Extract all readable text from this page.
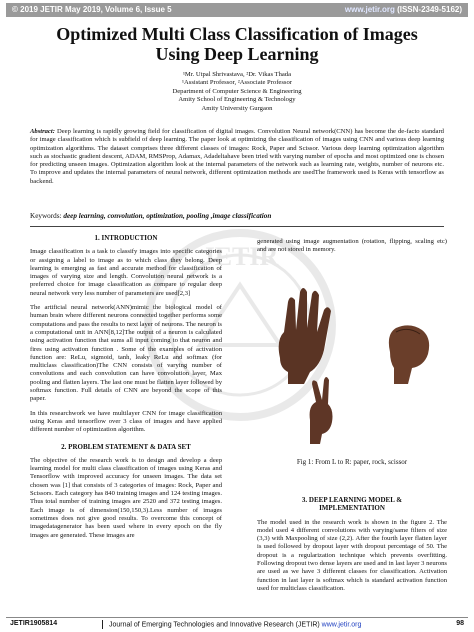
© 2019 JETIR May 2019, Volume 6, Issue 5	www.jetir.org (ISSN-2349-5162)
Optimized Multi Class Classification of Images
Using Deep Learning
¹Mr. Utpal Shrivastava, ²Dr. Vikas Thada
¹Assistant Professor, ²Associate Professor
Department of Computer Science & Engineering
Amity School of Engineering & Technology
Amity University Gurgaon
Abstract: Deep learning is rapidly growing field for classification of digital images. Convolution Neural network(CNN) has become the de-facto standard for image classification which is subfield of deep learning. The paper look at optimizing the classification of images using CNN and various deep learning optimization algorithms. The dataset comprises three different classes of images: Rock, Paper and Scissor. Various deep learning optimization algorithm such as stochastic gradient descent, ADAM, RMSProp, Adamax, Adadeltahave been tried with varying number of epochs and most optimized one is chosen for predicting unseen images. Optimization algorithm look at the internal parameters of the network such as learning rate, weights, number of neurons etc. To improve and updates the internal parameters of neural network, different optimization methods are usedThe framework used is Keras with tensorflow as backend.
Keywords: deep learning, convolution, optimization, pooling ,image classification
JETIR
1. INTRODUCTION

Image classification is a task to classify images into specific categories or assigning a label to image as to which class they belong. Deep learning is emerging as fast and accurate method for classification of images of varying size and length. Convolution neural network is a preferred choice for image classification as compare to regular deep neural network very less number of parameters are used[2,3]

The artificial neural network(ANN)mimic the biological model of human brain where different neurons connected together performs some computations and pass the results to next layer of neurons. The neuron is a computational unit in ANN[8,12]The output of a neuron is calculated using activation function that sums all input coming to that neuron and fires using activation function . Some of the examples of activation function are: ReLu, sigmoid, tanh, leaky ReLu and softmax (for multiclass classification)The CNN consists of varying number of convolutions and each convolution can have convolution layer, Max pooling and flatten layers. The last one must be flatten layer followed by softmax function. Full details of CNN are beyond the scope of this paper.

In this researchwork we have multilayer CNN for image classification using Keras and tensorflow over 3 class of images and have applied different number of optimization algorithm.

2. PROBLEM STATEMENT & DATA SET

The objective of the research work is to design and develop a deep learning model for multi class classification of images using Keras and Tensorflow with improved accuracy for unseen images. The data set chosen was [1] that consists of 3 categories of images: Rock, Paper and Scissors. Each category has 840 training images and 124 testing images. Thus total number of training images are 2520 and 372 testing images. Each image is of dimension(150,150,3).Less number of images sometimes does not give good results. To overcome this concept of imagedatagenerator has been used where in every epoch on the fly images are generated. These images are

generated using image augmentation (rotation, flipping, scaling etc) and are not stored in memory.

Fig 1: From L to R: paper, rock, scissor
3. DEEP LEARNING MODEL &
IMPLEMENTATION

The model used in the research work is shown in the figure 2. The model used 4 different convolutions with varying/same filters of size (3,3) with Maxpooling of size (2,2). After the fourth layer flatten layer is used followed by dropout layer with dropout percentage of 50. The dropout is a regularization technique which prevents overfitting. Following dropout two dense layers are used and in last layer 3 neurons are used as we have 3 different classes for classification. Activation function in last layer is softmax which is standard activation function used for multiclass classification.

JETIR1905814	Journal of Emerging Technologies and Innovative Research (JETIR) www.jetir.org	98
